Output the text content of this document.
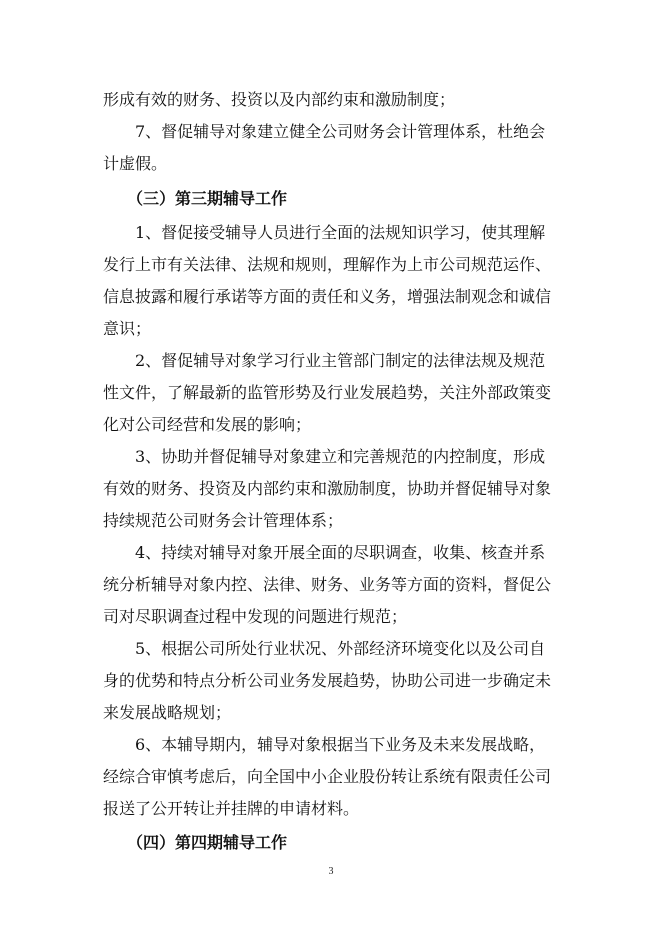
形成有效的财务、投资以及内部约束和激励制度；
7、督促辅导对象建立健全公司财务会计管理体系，杜绝会
计虚假。
（三）第三期辅导工作
1、督促接受辅导人员进行全面的法规知识学习，使其理解
发行上市有关法律、法规和规则，理解作为上市公司规范运作、
信息披露和履行承诺等方面的责任和义务，增强法制观念和诚信
意识；
2、督促辅导对象学习行业主管部门制定的法律法规及规范
性文件，了解最新的监管形势及行业发展趋势，关注外部政策变
化对公司经营和发展的影响；
3、协助并督促辅导对象建立和完善规范的内控制度，形成
有效的财务、投资及内部约束和激励制度，协助并督促辅导对象
持续规范公司财务会计管理体系；
4、持续对辅导对象开展全面的尽职调查，收集、核查并系
统分析辅导对象内控、法律、财务、业务等方面的资料，督促公
司对尽职调查过程中发现的问题进行规范；
5、根据公司所处行业状况、外部经济环境变化以及公司自
身的优势和特点分析公司业务发展趋势，协助公司进一步确定未
来发展战略规划；
6、本辅导期内，辅导对象根据当下业务及未来发展战略，
经综合审慎考虑后，向全国中小企业股份转让系统有限责任公司
报送了公开转让并挂牌的申请材料。
（四）第四期辅导工作
3
